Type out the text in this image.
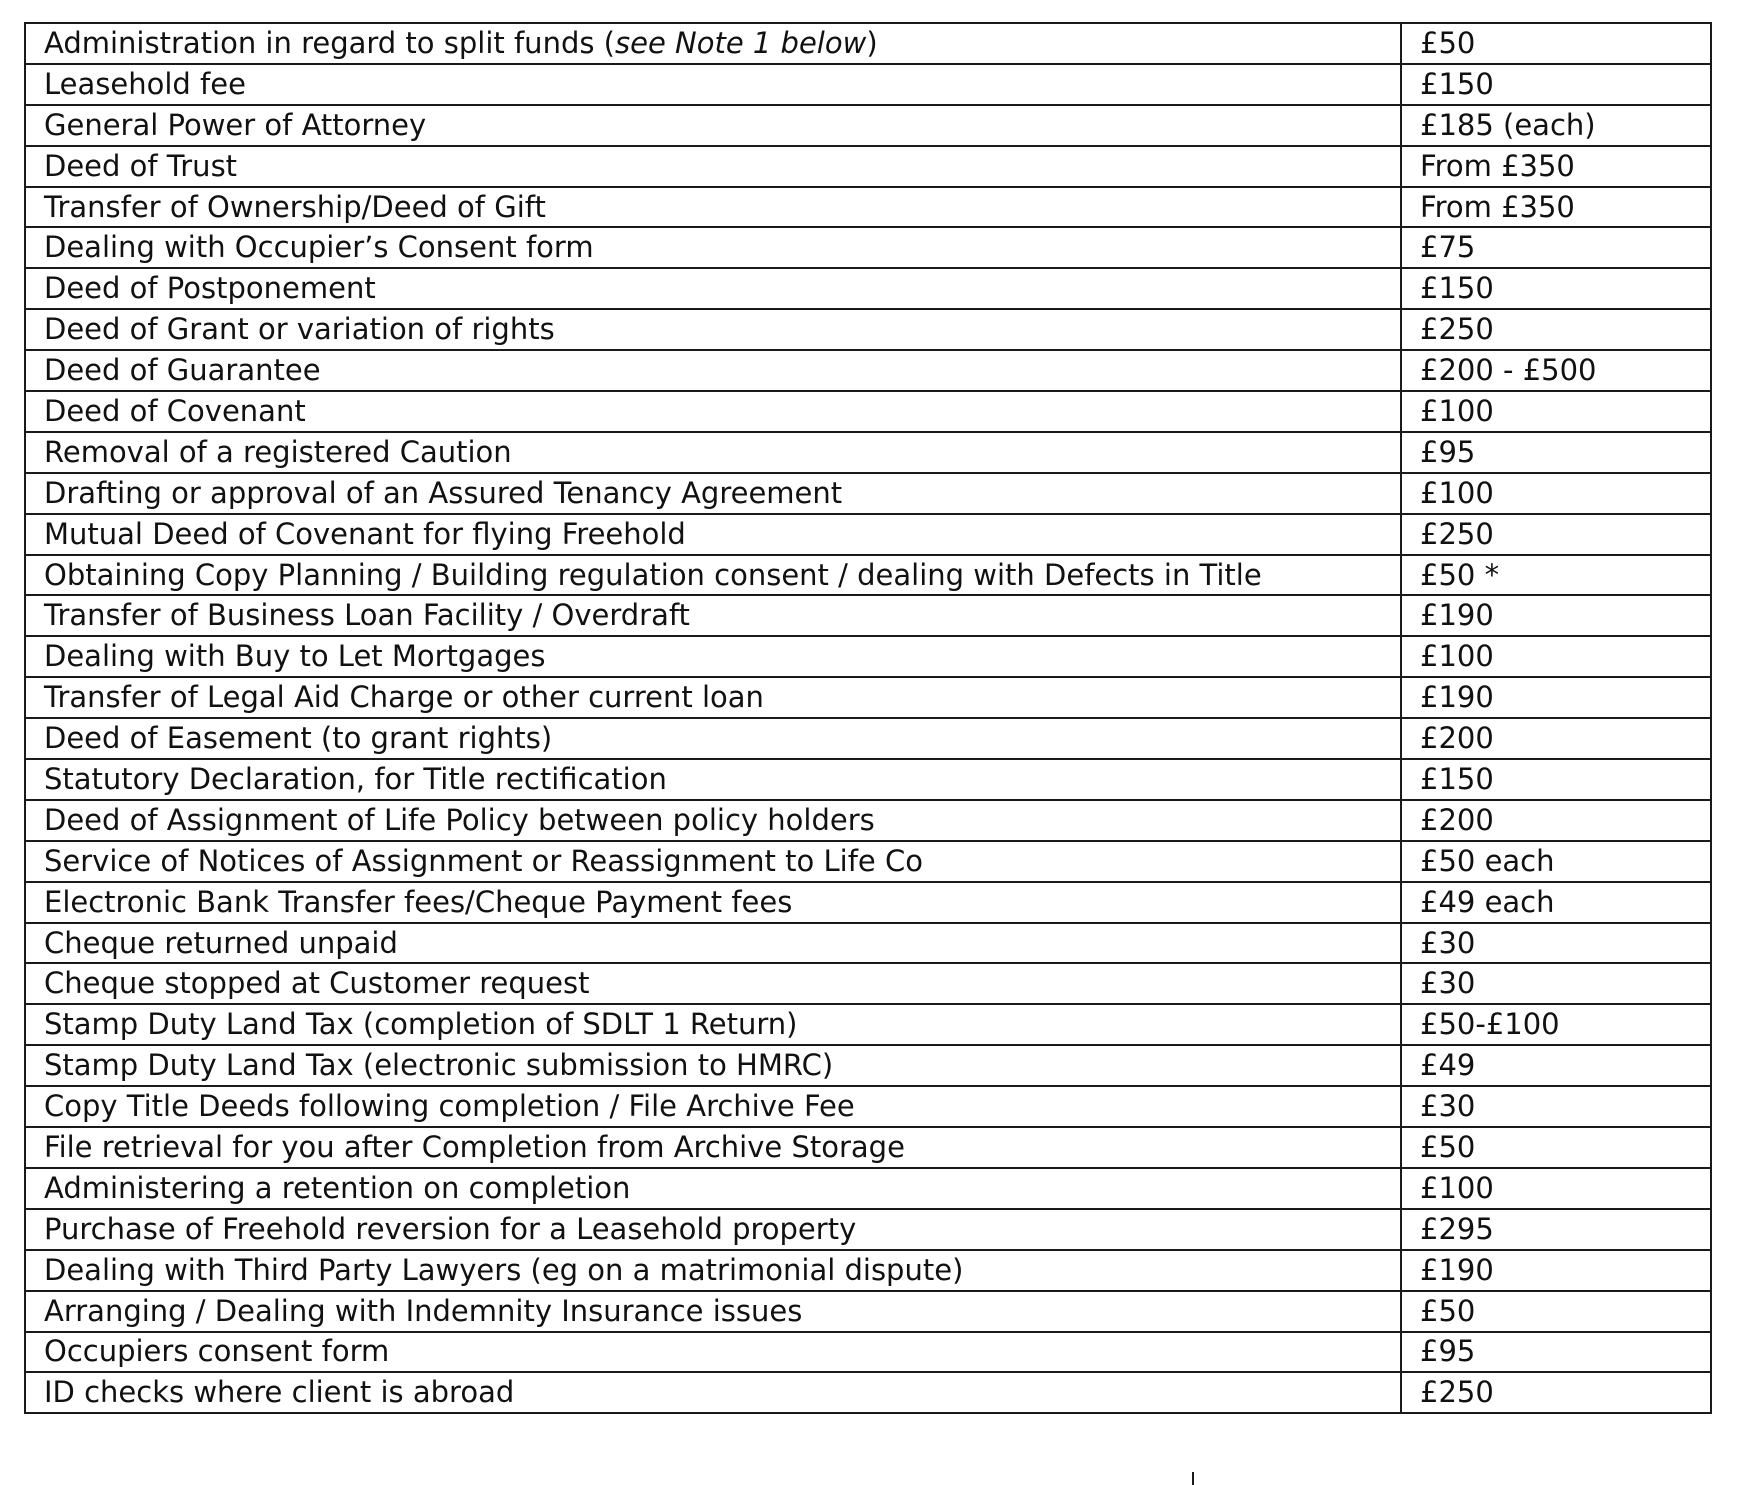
Administration in regard to split funds (see Note 1 below)	£50
Leasehold fee	£150
General Power of Attorney	£185 (each)
Deed of Trust	From £350
Transfer of Ownership/Deed of Gift	From £350
Dealing with Occupier’s Consent form	£75
Deed of Postponement	£150
Deed of Grant or variation of rights	£250
Deed of Guarantee	£200 - £500
Deed of Covenant	£100
Removal of a registered Caution	£95
Drafting or approval of an Assured Tenancy Agreement	£100
Mutual Deed of Covenant for flying Freehold	£250
Obtaining Copy Planning / Building regulation consent / dealing with Defects in Title	£50 *
Transfer of Business Loan Facility / Overdraft	£190
Dealing with Buy to Let Mortgages	£100
Transfer of Legal Aid Charge or other current loan	£190
Deed of Easement (to grant rights)	£200
Statutory Declaration, for Title rectification	£150
Deed of Assignment of Life Policy between policy holders	£200
Service of Notices of Assignment or Reassignment to Life Co	£50 each
Electronic Bank Transfer fees/Cheque Payment fees	£49 each
Cheque returned unpaid	£30
Cheque stopped at Customer request	£30
Stamp Duty Land Tax (completion of SDLT 1 Return)	£50-£100
Stamp Duty Land Tax (electronic submission to HMRC)	£49
Copy Title Deeds following completion / File Archive Fee	£30
File retrieval for you after Completion from Archive Storage	£50
Administering a retention on completion	£100
Purchase of Freehold reversion for a Leasehold property	£295
Dealing with Third Party Lawyers (eg on a matrimonial dispute)	£190
Arranging / Dealing with Indemnity Insurance issues	£50
Occupiers consent form	£95
ID checks where client is abroad	£250
